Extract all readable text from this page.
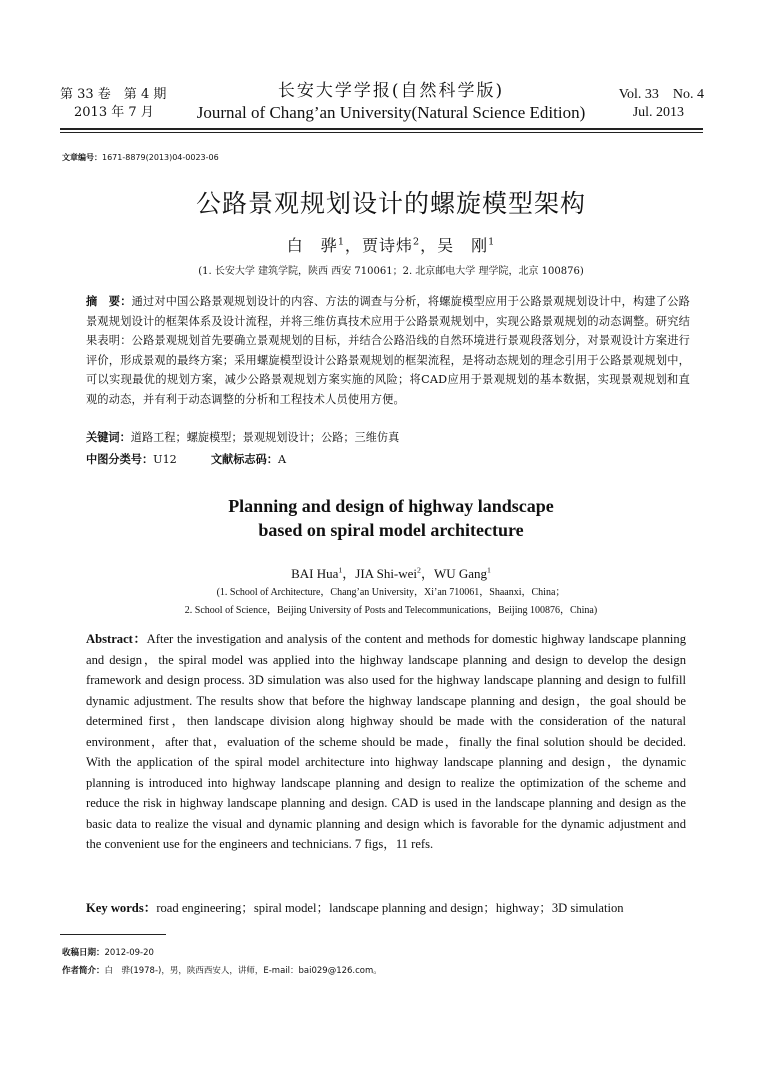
第 33 卷　第 4 期
2013 年 7 月
长安大学学报(自然科学版)
Journal of Chang’an University(Natural Science Edition)
Vol. 33　No. 4
Jul. 2013
文章编号：1671-8879(2013)04-0023-06
公路景观规划设计的螺旋模型架构
白　骅$^1$，贾诗炜$^2$，吴　刚$^1$
(1. 长安大学 建筑学院，陕西 西安 710061；2. 北京邮电大学 理学院，北京 100876)
摘　要：通过对中国公路景观规划设计的内容、方法的调查与分析，将螺旋模型应用于公路景观规划设计中，构建了公路景观规划设计的框架体系及设计流程，并将三维仿真技术应用于公路景观规划中，实现公路景观规划的动态调整。研究结果表明：公路景观规划首先要确立景观规划的目标，并结合公路沿线的自然环境进行景观段落划分，对景观设计方案进行评价，形成景观的最终方案；采用螺旋模型设计公路景观规划的框架流程，是将动态规划的理念引用于公路景观规划中，可以实现最优的规划方案，减少公路景观规划方案实施的风险；将CAD应用于景观规划的基本数据，实现景观规划和直观的动态，并有利于动态调整的分析和工程技术人员使用方便。
关键词：道路工程；螺旋模型；景观规划设计；公路；三维仿真
中图分类号：U12	文献标志码：A
Planning and design of highway landscape
based on spiral model architecture
BAI Hua$^1$，JIA Shi-wei$^2$，WU Gang$^1$
(1. School of Architecture，Chang’an University，Xi’an 710061，Shaanxi，China；
2. School of Science，Beijing University of Posts and Telecommunications，Beijing 100876，China)
Abstract：After the investigation and analysis of the content and methods for domestic highway landscape planning and design，the spiral model was applied into the highway landscape planning and design to develop the design framework and design process. 3D simulation was also used for the highway landscape planning and design to fulfill dynamic adjustment. The results show that before the highway landscape planning and design，the goal should be determined first，then landscape division along highway should be made with the consideration of the natural environment，after that，evaluation of the scheme should be made，finally the final solution should be decided. With the application of the spiral model architecture into highway landscape planning and design，the dynamic planning is introduced into highway landscape planning and design to realize the optimization of the scheme and reduce the risk in highway landscape planning and design. CAD is used in the landscape planning and design as the basic data to realize the visual and dynamic planning and design which is favorable for the dynamic adjustment and the convenient use for the engineers and technicians. 7 figs，11 refs.
Key words：road engineering；spiral model；landscape planning and design；highway；3D simulation
收稿日期：2012-09-20
作者简介：白　骅(1978-)，男，陕西西安人，讲师，E-mail：bai029@126.com。
